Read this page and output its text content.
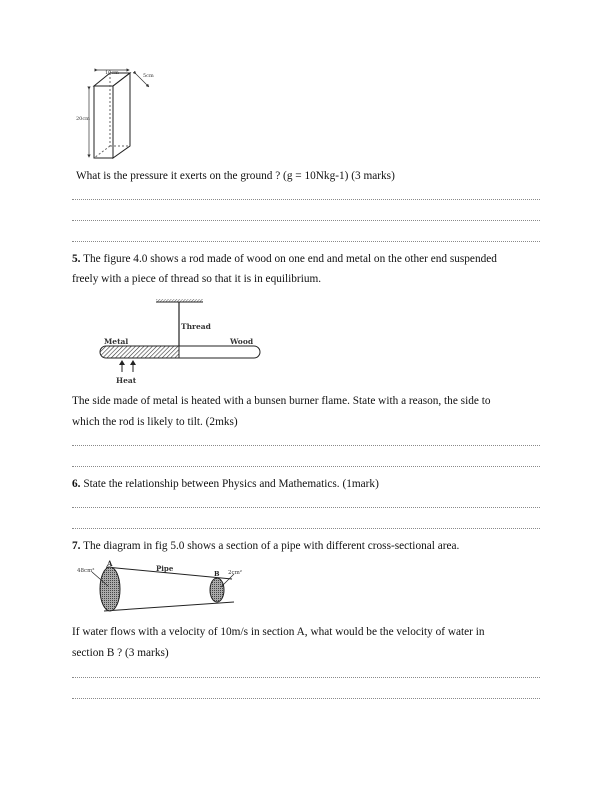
10cm	5cm
20cm
What is the pressure it exerts on the ground ? (g = 10Nkg-1) (3 marks)
5. The figure 4.0 shows a rod made of wood on one end and metal on the other end suspended
freely with a piece of thread so that it is in equilibrium.
Thread
Metal	Wood
Heat
The side made of metal is heated with a bunsen burner flame. State with a reason, the side to
which the rod is likely to tilt. (2mks)
6. State the relationship between Physics and Mathematics. (1mark)
7. The diagram in fig 5.0 shows a section of a pipe with different cross-sectional area.
A
B
Pipe
48cm²	2cm²
If water flows with a velocity of 10m/s in section A, what would be the velocity of water in
section B ? (3 marks)
